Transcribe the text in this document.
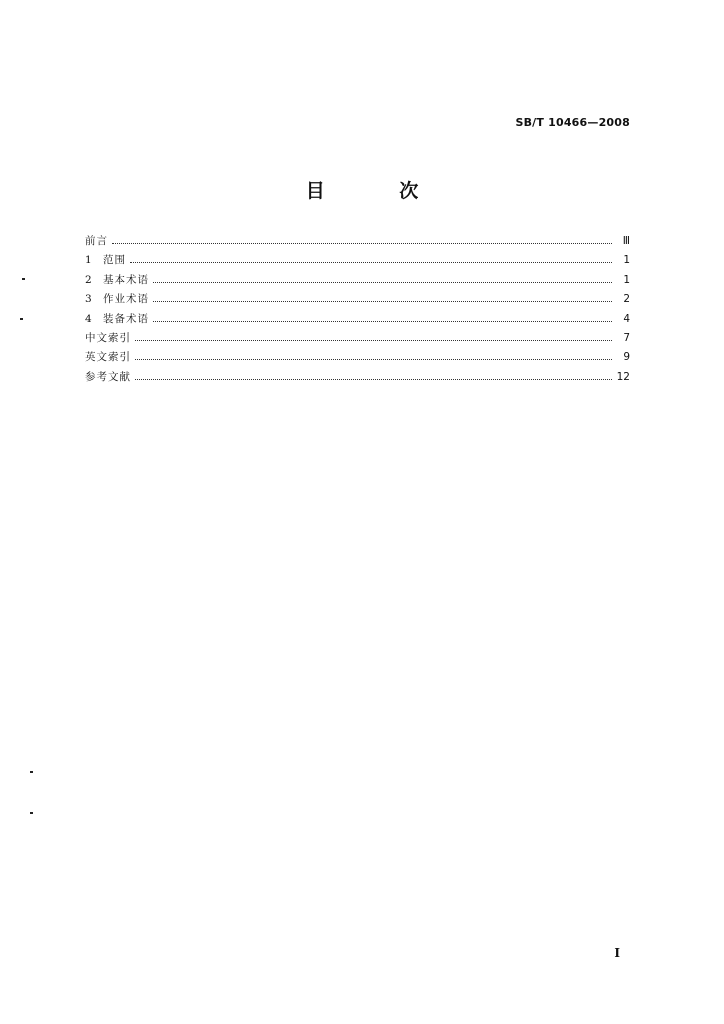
SB/T 10466—2008
目 次
前言	Ⅲ
1	范围	1
2	基本术语	1
3	作业术语	2
4	装备术语	4
中文索引	7
英文索引	9
参考文献	12
I
